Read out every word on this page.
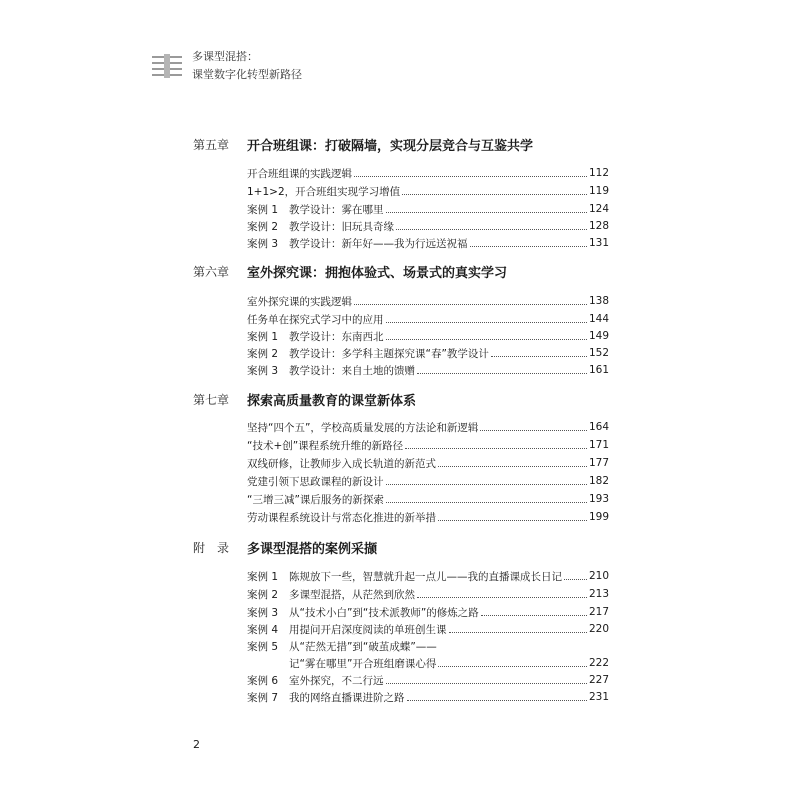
多课型混搭：
课堂数字化转型新路径
第五章	开合班组课：打破隔墙，实现分层竞合与互鉴共学
开合班组课的实践逻辑	112
1+1>2，开合班组实现学习增值	119
案例 1	教学设计：雾在哪里	124
案例 2	教学设计：旧玩具奇缘	128
案例 3	教学设计：新年好——我为行远送祝福	131
第六章	室外探究课：拥抱体验式、场景式的真实学习
室外探究课的实践逻辑	138
任务单在探究式学习中的应用	144
案例 1	教学设计：东南西北	149
案例 2	教学设计：多学科主题探究课“春”教学设计	152
案例 3	教学设计：来自土地的馈赠	161
第七章	探索高质量教育的课堂新体系
坚持“四个五”，学校高质量发展的方法论和新逻辑	164
“技术+创”课程系统升维的新路径	171
双线研修，让教师步入成长轨道的新范式	177
党建引领下思政课程的新设计	182
“三增三减”课后服务的新探索	193
劳动课程系统设计与常态化推进的新举措	199
附　录	多课型混搭的案例采撷
案例 1	陈规放下一些，智慧就升起一点儿——我的直播课成长日记	210
案例 2	多课型混搭，从茫然到欣然	213
案例 3	从“技术小白”到“技术派教师”的修炼之路	217
案例 4	用提问开启深度阅读的单班创生课	220
案例 5	从“茫然无措”到“破茧成蝶”——
记“雾在哪里”开合班组磨课心得	222
案例 6	室外探究，不二行远	227
案例 7	我的网络直播课进阶之路	231
2
